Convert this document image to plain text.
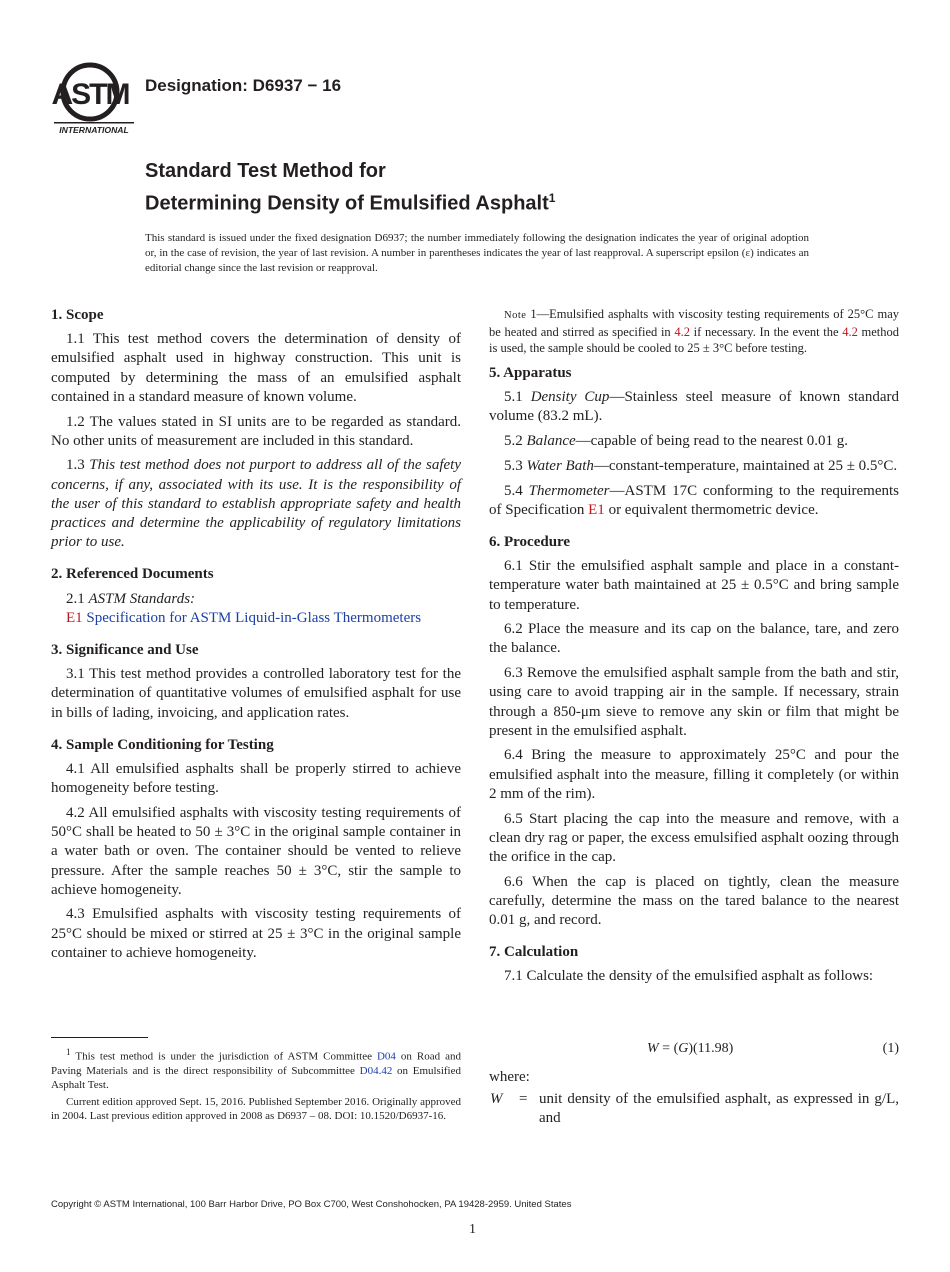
ASTM
INTERNATIONAL
Designation: D6937 − 16
Standard Test Method for
Determining Density of Emulsified Asphalt$^1$
This standard is issued under the fixed designation D6937; the number immediately following the designation indicates the year of original adoption or, in the case of revision, the year of last revision. A number in parentheses indicates the year of last reapproval. A superscript epsilon (ε) indicates an editorial change since the last revision or reapproval.
1. Scope

1.1 This test method covers the determination of density of emulsified asphalt used in highway construction. This unit is computed by determining the mass of an emulsified asphalt contained in a standard measure of known volume.

1.2 The values stated in SI units are to be regarded as standard. No other units of measurement are included in this standard.

1.3 This test method does not purport to address all of the safety concerns, if any, associated with its use. It is the responsibility of the user of this standard to establish appropriate safety and health practices and determine the applicability of regulatory limitations prior to use.

2. Referenced Documents

2.1 ASTM Standards:

E1 Specification for ASTM Liquid-in-Glass Thermometers

3. Significance and Use

3.1 This test method provides a controlled laboratory test for the determination of quantitative volumes of emulsified asphalt for use in bills of lading, invoicing, and application rates.

4. Sample Conditioning for Testing

4.1 All emulsified asphalts shall be properly stirred to achieve homogeneity before testing.

4.2 All emulsified asphalts with viscosity testing requirements of 50°C shall be heated to 50 ± 3°C in the original sample container in a water bath or oven. The container should be vented to relieve pressure. After the sample reaches 50 ± 3°C, stir the sample to achieve homogeneity.

4.3 Emulsified asphalts with viscosity testing requirements of 25°C should be mixed or stirred at 25 ± 3°C in the original sample container to achieve homogeneity.

$^1$ This test method is under the jurisdiction of ASTM Committee D04 on Road and Paving Materials and is the direct responsibility of Subcommittee D04.42 on Emulsified Asphalt Test.

Current edition approved Sept. 15, 2016. Published September 2016. Originally approved in 2004. Last previous edition approved in 2008 as D6937 – 08. DOI: 10.1520/D6937-16.

Note 1—Emulsified asphalts with viscosity testing requirements of 25°C may be heated and stirred as specified in 4.2 if necessary. In the event the 4.2 method is used, the sample should be cooled to 25 ± 3°C before testing.

5. Apparatus

5.1 Density Cup—Stainless steel measure of known standard volume (83.2 mL).

5.2 Balance—capable of being read to the nearest 0.01 g.

5.3 Water Bath—constant-temperature, maintained at 25 ± 0.5°C.

5.4 Thermometer—ASTM 17C conforming to the requirements of Specification E1 or equivalent thermometric device.

6. Procedure

6.1 Stir the emulsified asphalt sample and place in a constant-temperature water bath maintained at 25 ± 0.5°C and bring sample to temperature.

6.2 Place the measure and its cap on the balance, tare, and zero the balance.

6.3 Remove the emulsified asphalt sample from the bath and stir, using care to avoid trapping air in the sample. If necessary, strain through a 850-μm sieve to remove any skin or film that might be present in the emulsified asphalt.

6.4 Bring the measure to approximately 25°C and pour the emulsified asphalt into the measure, filling it completely (or within 2 mm of the rim).

6.5 Start placing the cap into the measure and remove, with a clean dry rag or paper, the excess emulsified asphalt oozing through the orifice in the cap.

6.6 When the cap is placed on tightly, clean the measure carefully, determine the mass on the tared balance to the nearest 0.01 g, and record.

7. Calculation

7.1 Calculate the density of the emulsified asphalt as follows:

W = (G)(11.98)	(1)
where:
W = unit density of the emulsified asphalt, as expressed in g/L, and
Copyright © ASTM International, 100 Barr Harbor Drive, PO Box C700, West Conshohocken, PA 19428-2959. United States
1
